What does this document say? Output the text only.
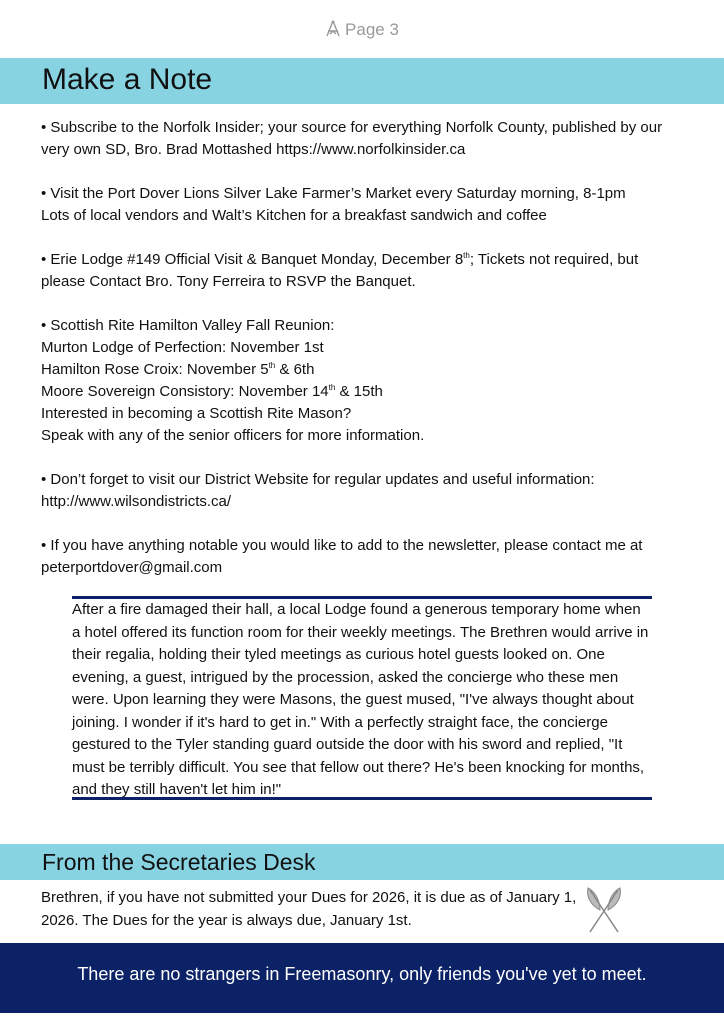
Page 3
Make a Note

• Subscribe to the Norfolk Insider; your source for everything Norfolk County, published by our very own SD, Bro. Brad Mottashed https://www.norfolkinsider.ca

• Visit the Port Dover Lions Silver Lake Farmer’s Market every Saturday morning, 8-1pm
Lots of local vendors and Walt’s Kitchen for a breakfast sandwich and coffee

• Erie Lodge #149 Official Visit & Banquet Monday, December 8th; Tickets not required, but please Contact Bro. Tony Ferreira to RSVP the Banquet.

• Scottish Rite Hamilton Valley Fall Reunion:
Murton Lodge of Perfection: November 1st
Hamilton Rose Croix: November 5th & 6th
Moore Sovereign Consistory: November 14th & 15th
Interested in becoming a Scottish Rite Mason?
Speak with any of the senior officers for more information.

• Don’t forget to visit our District Website for regular updates and useful information:
http://www.wilsondistricts.ca/

• If you have anything notable you would like to add to the newsletter, please contact me at
peterportdover@gmail.com

After a fire damaged their hall, a local Lodge found a generous temporary home when a hotel offered its function room for their weekly meetings. The Brethren would arrive in their regalia, holding their tyled meetings as curious hotel guests looked on. One evening, a guest, intrigued by the procession, asked the concierge who these men were. Upon learning they were Masons, the guest mused, "I've always thought about joining. I wonder if it's hard to get in." With a perfectly straight face, the concierge gestured to the Tyler standing guard outside the door with his sword and replied, "It must be terribly difficult. You see that fellow out there? He's been knocking for months, and they still haven't let him in!"
From the Secretaries Desk
Brethren, if you have not submitted your Dues for 2026, it is due as of January 1, 2026. The Dues for the year is always due, January 1st.
There are no strangers in Freemasonry, only friends you've yet to meet.
